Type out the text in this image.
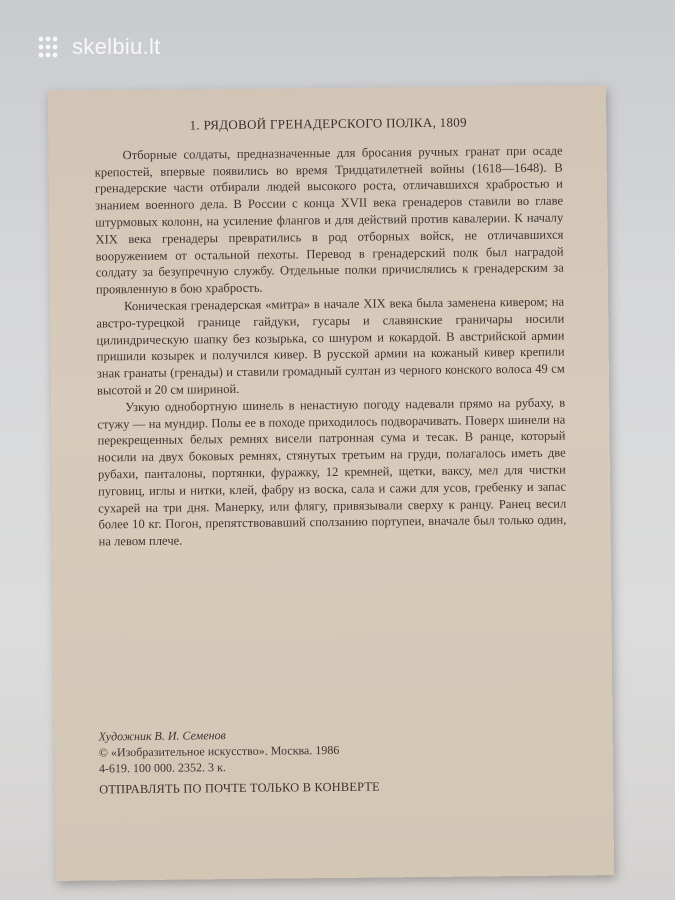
skelbiu.lt
1. РЯДОВОЙ ГРЕНАДЕРСКОГО ПОЛКА, 1809

Отборные солдаты, предназначенные для бросания ручных гранат при осаде крепостей, впервые появились во время Тридцатилетней войны (1618—1648). В гренадерские части отбирали людей высокого роста, отличавшихся храбростью и знанием военного дела. В России с конца XVII века гренадеров ставили во главе штурмовых колонн, на усиление флангов и для действий против кавалерии. К началу XIX века гренадеры превратились в род отборных войск, не отличавшихся вооружением от остальной пехоты. Перевод в гренадерский полк был наградой солдату за безупречную службу. Отдельные полки причислялись к гренадерским за проявленную в бою храбрость.

Коническая гренадерская «митра» в начале XIX века была заменена кивером; на австро-турецкой границе гайдуки, гусары и славянские граничары носили цилиндрическую шапку без козырька, со шнуром и кокардой. В австрийской армии пришили козырек и получился кивер. В русской армии на кожаный кивер крепили знак гранаты (гренады) и ставили громадный султан из черного конского волоса 49 см высотой и 20 см шириной.

Узкую однобортную шинель в ненастную погоду надевали прямо на рубаху, в стужу — на мундир. Полы ее в походе приходилось подворачивать. Поверх шинели на перекрещенных белых ремнях висели патронная сума и тесак. В ранце, который носили на двух боковых ремнях, стянутых третьим на груди, полагалось иметь две рубахи, панталоны, портянки, фуражку, 12 кремней, щетки, ваксу, мел для чистки пуговиц, иглы и нитки, клей, фабру из воска, сала и сажи для усов, гребенку и запас сухарей на три дня. Манерку, или флягу, привязывали сверху к ранцу. Ранец весил более 10 кг. Погон, препятствовавший сползанию портупеи, вначале был только один, на левом плече.

Художник В. И. Семенов
© «Изобразительное искусство». Москва. 1986
4-619. 100 000. 2352. 3 к.
ОТПРАВЛЯТЬ ПО ПОЧТЕ ТОЛЬКО В КОНВЕРТЕ
